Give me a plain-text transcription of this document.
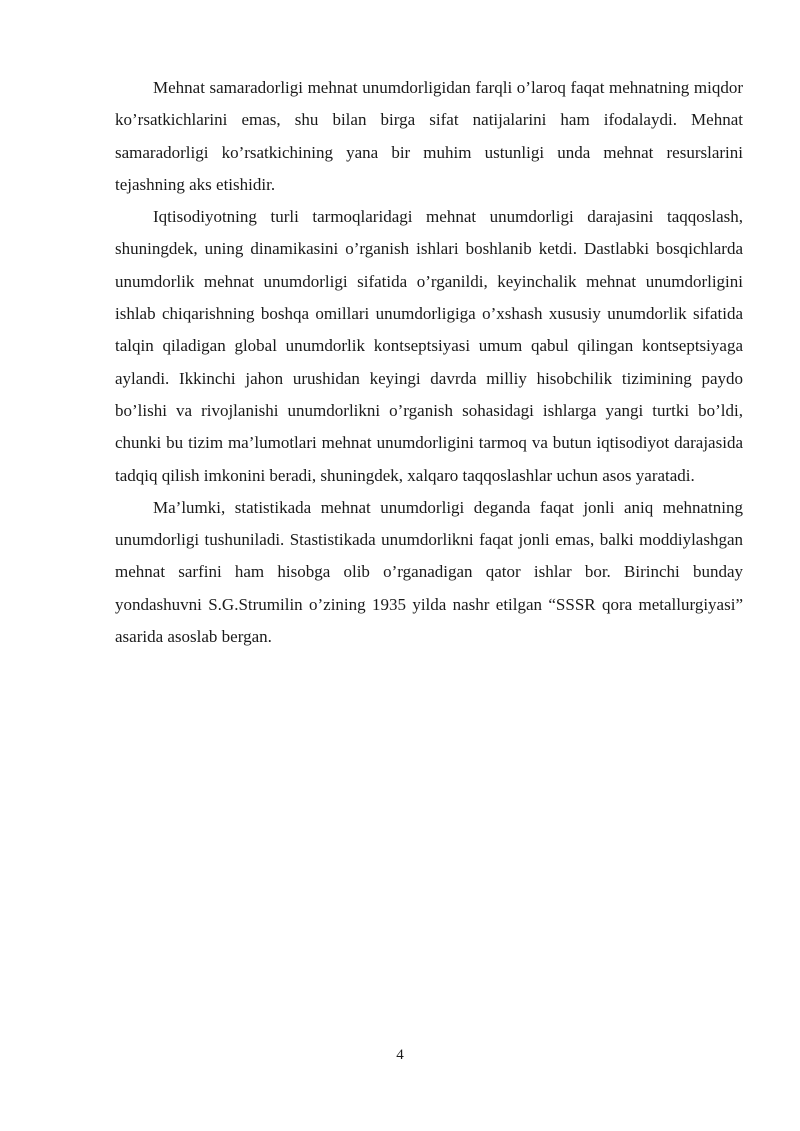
Mehnat samaradorligi mehnat unumdorligidan farqli o’laroq faqat mehnatning miqdor ko’rsatkichlarini emas, shu bilan birga sifat natijalarini ham ifodalaydi. Mehnat samaradorligi ko’rsatkichining yana bir muhim ustunligi unda mehnat resurslarini tejashning aks etishidir.

Iqtisodiyotning turli tarmoqlaridagi mehnat unumdorligi darajasini taqqoslash, shuningdek, uning dinamikasini o’rganish ishlari boshlanib ketdi. Dastlabki bosqichlarda unumdorlik mehnat unumdorligi sifatida o’rganildi, keyinchalik mehnat unumdorligini ishlab chiqarishning boshqa omillari unumdorligiga o’xshash xususiy unumdorlik sifatida talqin qiladigan global unumdorlik kontseptsiyasi umum qabul qilingan kontseptsiyaga aylandi. Ikkinchi jahon urushidan keyingi davrda milliy hisobchilik tizimining paydo bo’lishi va rivojlanishi unumdorlikni o’rganish sohasidagi ishlarga yangi turtki bo’ldi, chunki bu tizim ma’lumotlari mehnat unumdorligini tarmoq va butun iqtisodiyot darajasida tadqiq qilish imkonini beradi, shuningdek, xalqaro taqqoslashlar uchun asos yaratadi.

Ma’lumki, statistikada mehnat unumdorligi deganda faqat jonli aniq mehnatning unumdorligi tushuniladi. Stastistikada unumdorlikni faqat jonli emas, balki moddiylashgan mehnat sarfini ham hisobga olib o’rganadigan qator ishlar bor. Birinchi bunday yondashuvni S.G.Strumilin o’zining 1935 yilda nashr etilgan “SSSR qora metallurgiyasi” asarida asoslab bergan.

4
